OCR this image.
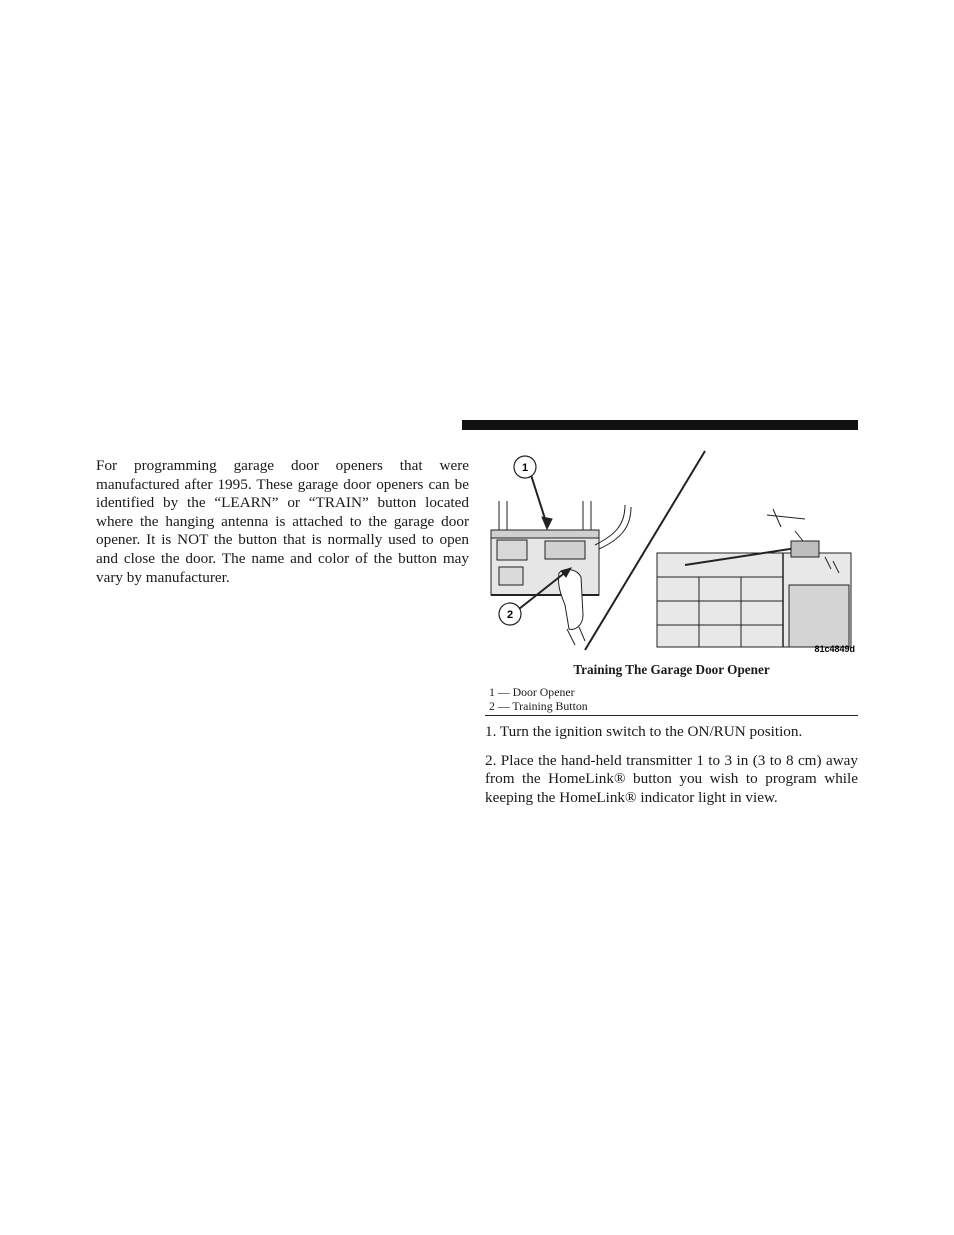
For programming garage door openers that were manufactured after 1995. These garage door openers can be identified by the “LEARN” or “TRAIN” button located where the hanging antenna is attached to the garage door opener. It is NOT the button that is normally used to open and close the door. The name and color of the button may vary by manufacturer.

1
2
81c4849d
Training The Garage Door Opener
1 — Door Opener
2 — Training Button

1. Turn the ignition switch to the ON/RUN position.

2. Place the hand-held transmitter 1 to 3 in (3 to 8 cm) away from the HomeLink® button you wish to program while keeping the HomeLink® indicator light in view.
